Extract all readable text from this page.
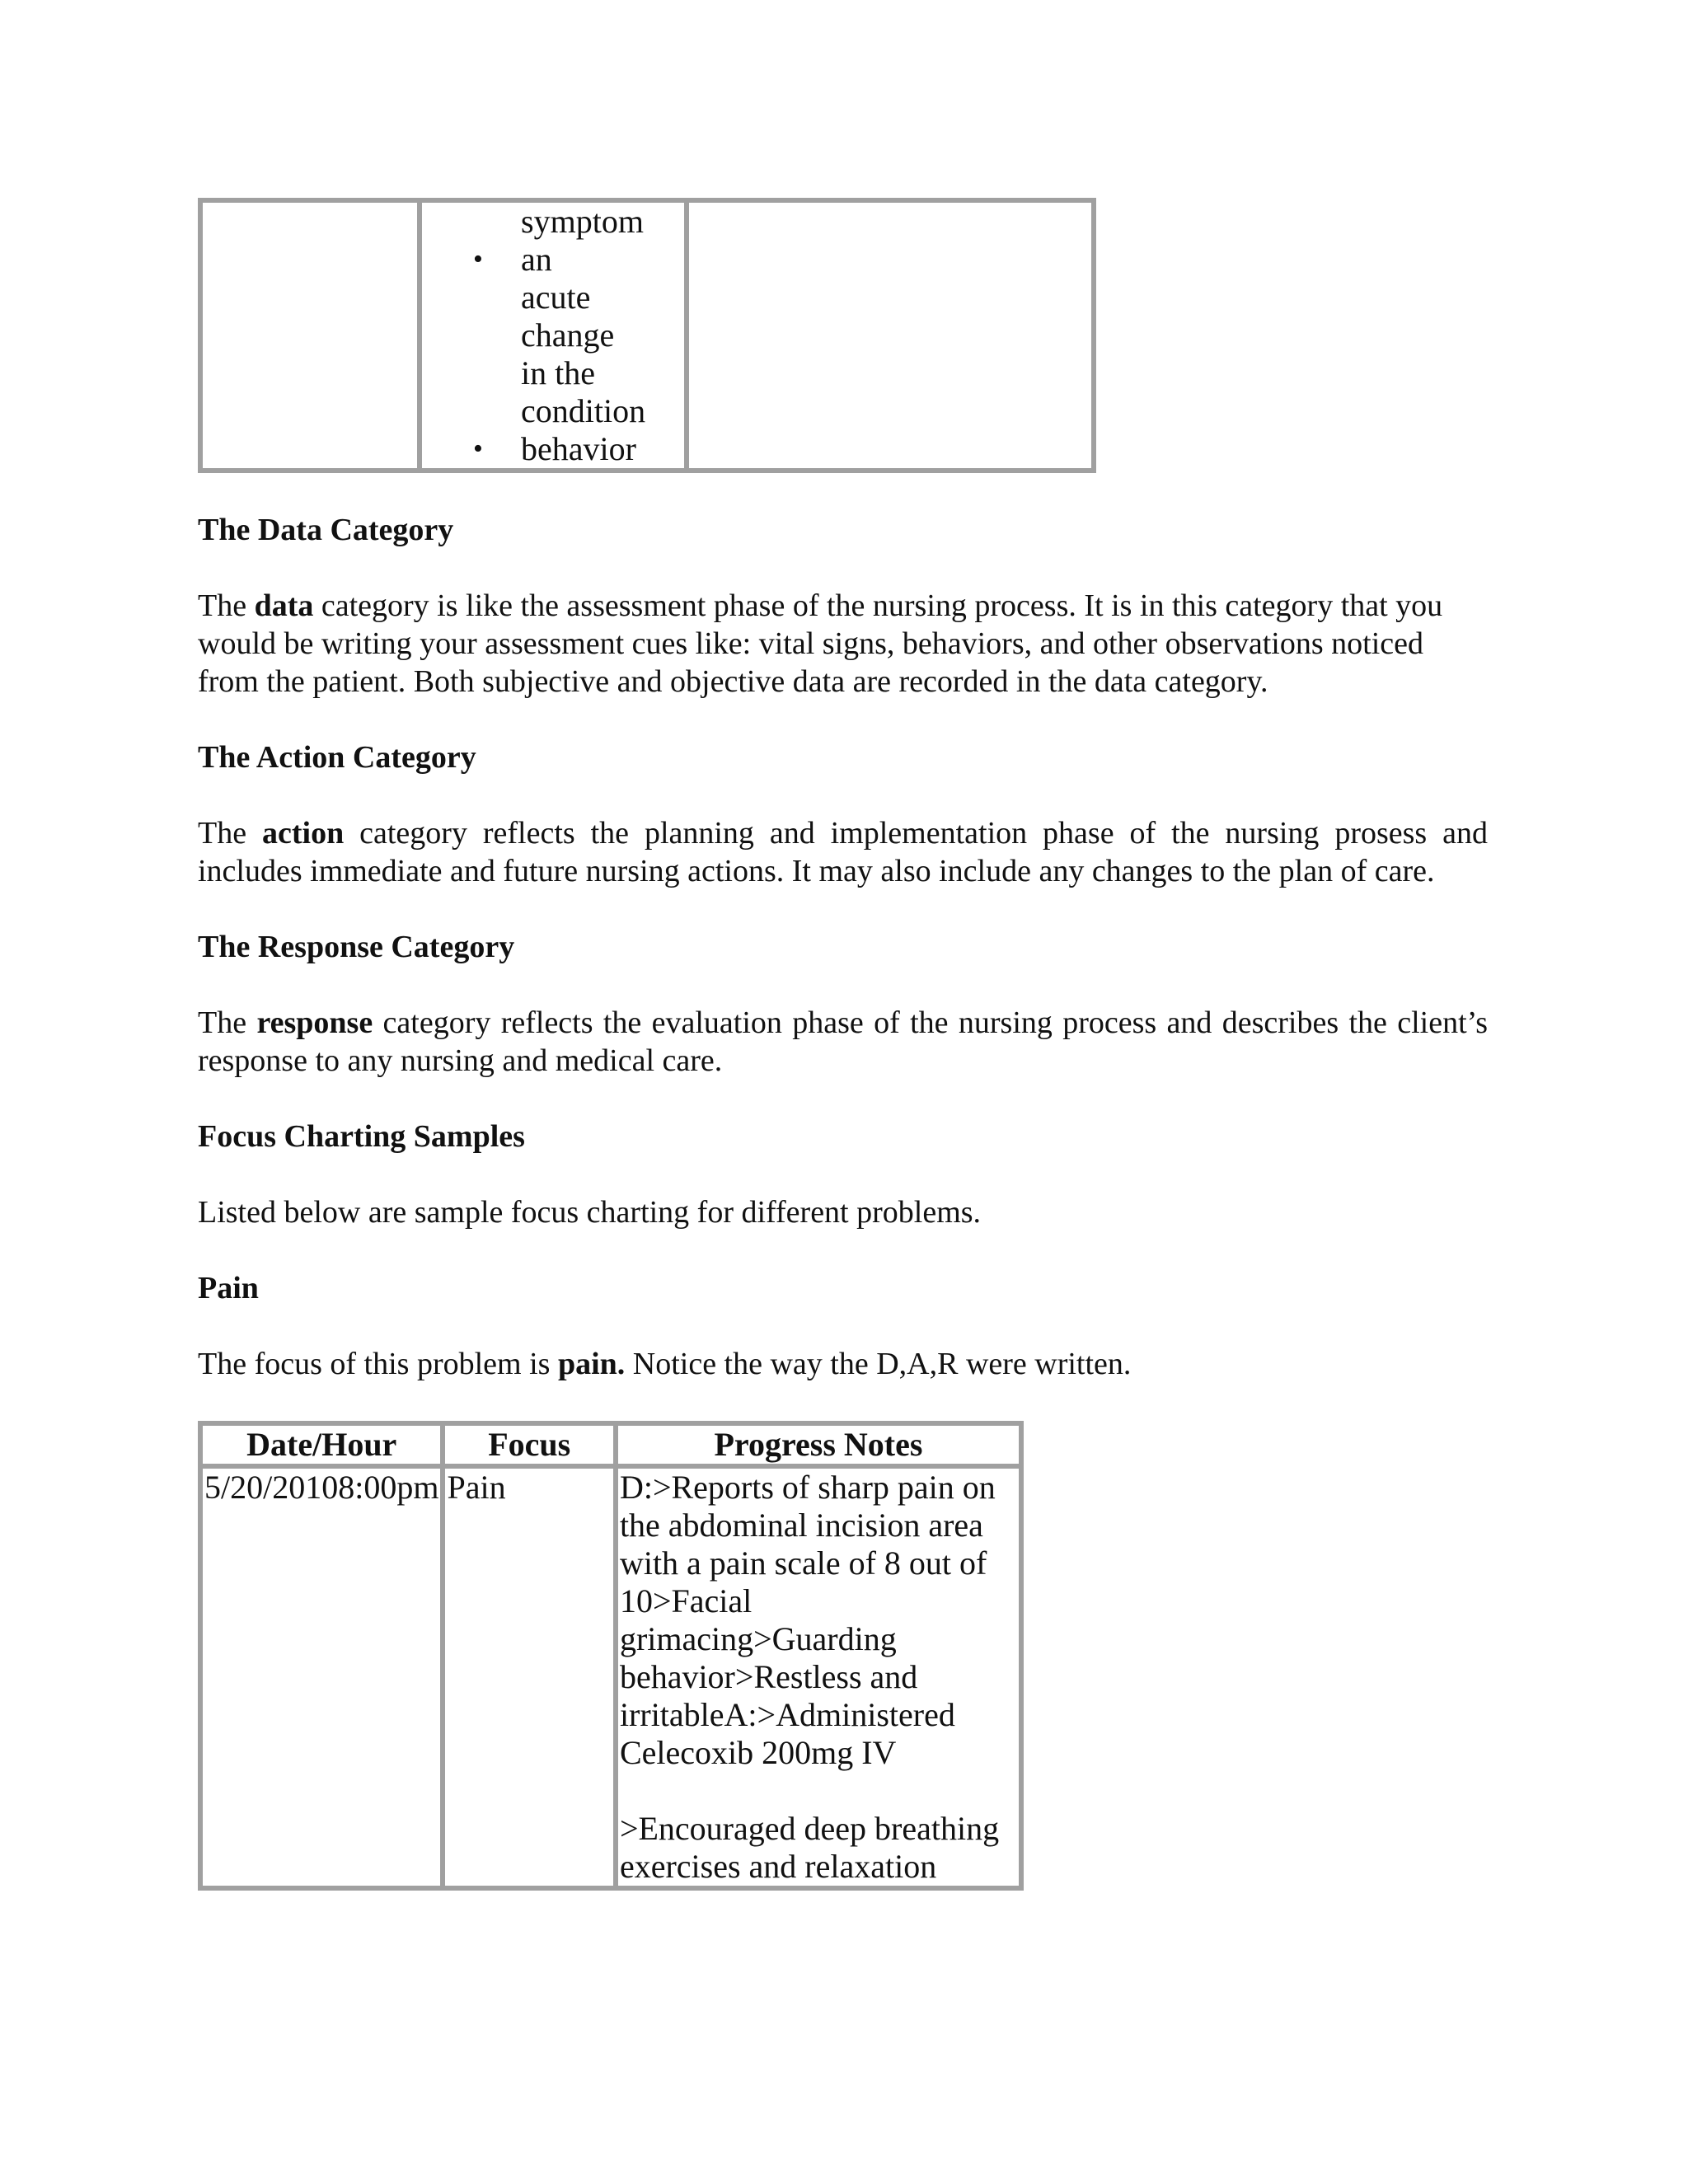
symptom
• an acute change in the condition
• behavior

The Data Category

The data category is like the assessment phase of the nursing process. It is in this category that you would be writing your assessment cues like: vital signs, behaviors, and other observations noticed from the patient. Both subjective and objective data are recorded in the data category.

The Action Category

The action category reflects the planning and implementation phase of the nursing prosess and includes immediate and future nursing actions. It may also include any changes to the plan of care.

The Response Category

The response category reflects the evaluation phase of the nursing process and describes the client’s response to any nursing and medical care.

Focus Charting Samples

Listed below are sample focus charting for different problems.

Pain

The focus of this problem is pain. Notice the way the D,A,R were written.

Date/Hour	Focus	Progress Notes
5/20/20108:00pm	Pain	D:>Reports of sharp pain on the abdominal incision area with a pain scale of 8 out of 10>Facial grimacing>Guarding behavior>Restless and irritableA:>Administered Celecoxib 200mg IV
>Encouraged deep breathing exercises and relaxation
